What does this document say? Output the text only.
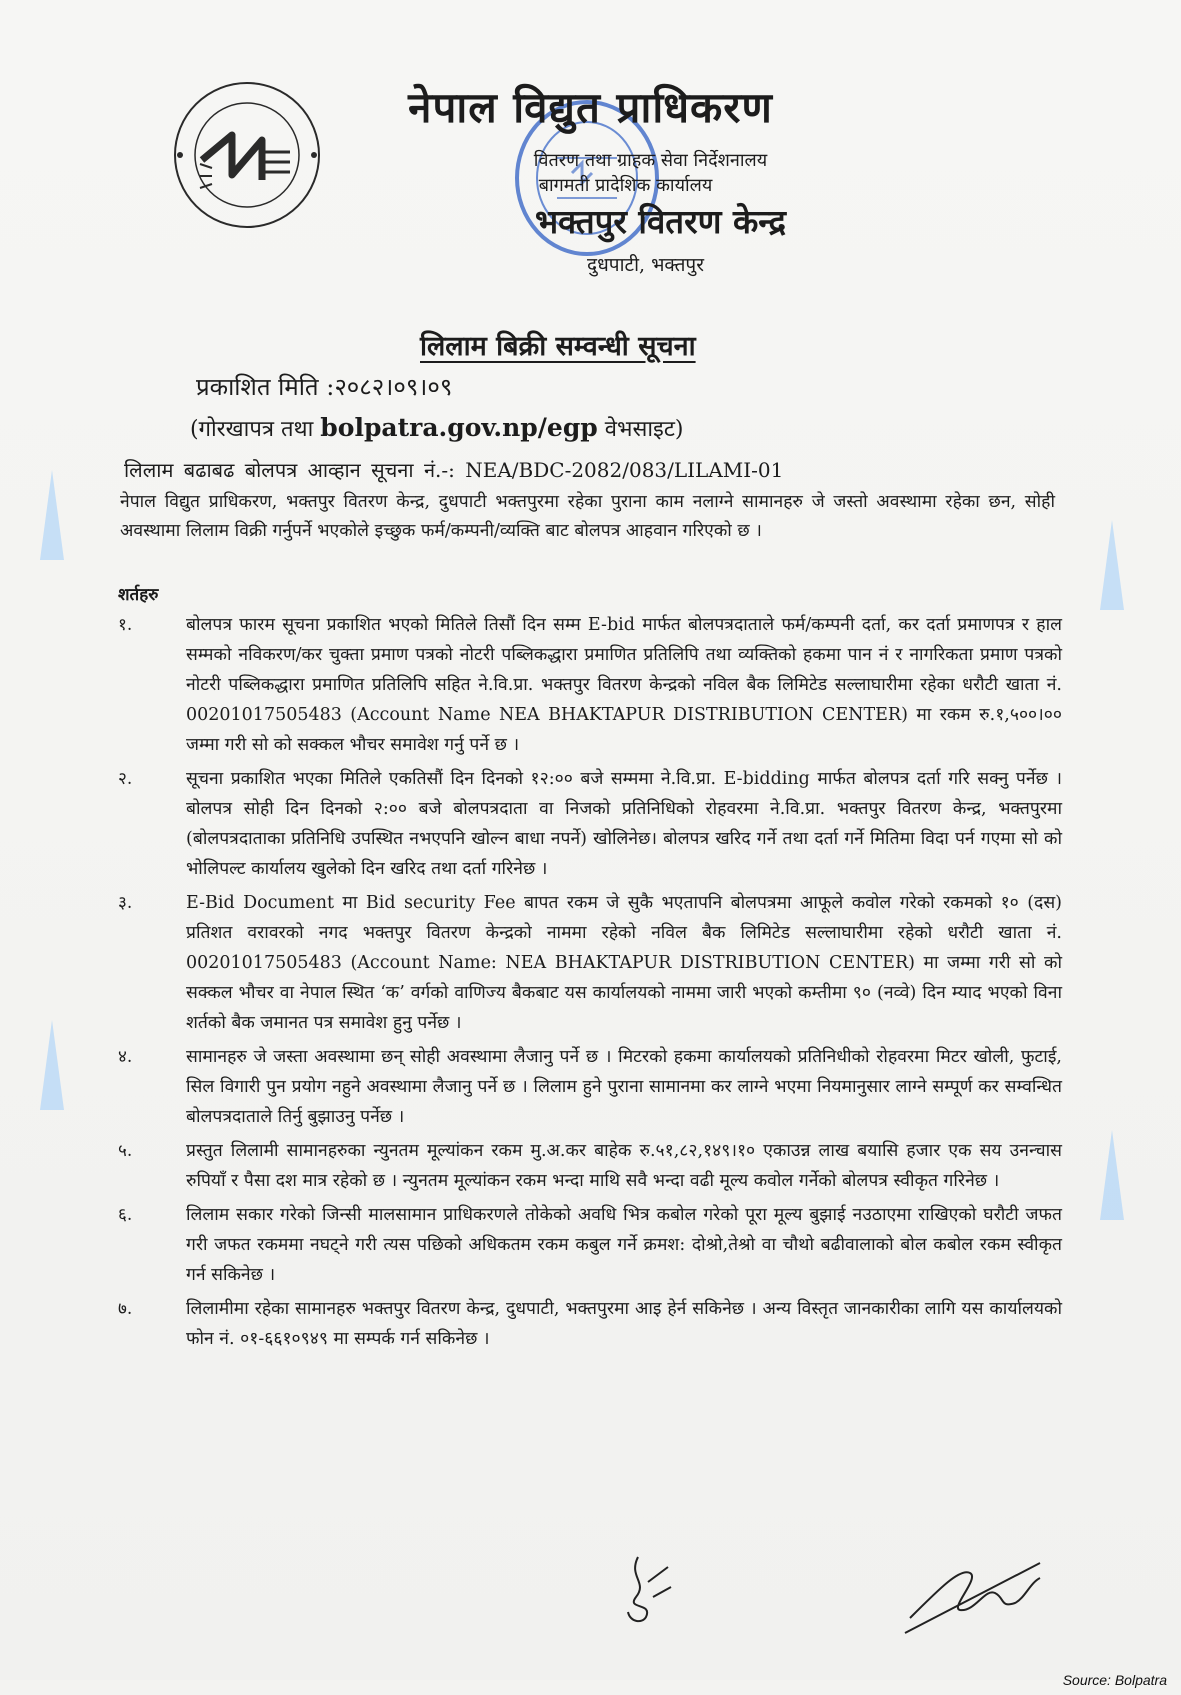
नेपाल विद्युत प्राधिकरण
वितरण तथा ग्राहक सेवा निर्देशनालय
बागमती प्रादेशिक कार्यालय
भक्तपुर वितरण केन्द्र
दुधपाटी, भक्तपुर
लिलाम बिक्री सम्वन्धी सूचना
प्रकाशित मिति :२०८२।०९।०९
(गोरखापत्र तथा bolpatra.gov.np/egp वेभसाइट)
लिलाम बढाबढ बोलपत्र आव्हान सूचना नं.-: NEA/BDC-2082/083/LILAMI-01
नेपाल विद्युत प्राधिकरण, भक्तपुर वितरण केन्द्र, दुधपाटी भक्तपुरमा रहेका पुराना काम नलाग्ने सामानहरु जे जस्तो अवस्थामा रहेका छन, सोही अवस्थामा लिलाम विक्री गर्नुपर्ने भएकोले इच्छुक फर्म/कम्पनी/व्यक्ति बाट बोलपत्र आहवान गरिएको छ ।
शर्तहरु
१.	बोलपत्र फारम सूचना प्रकाशित भएको मितिले तिसौं दिन सम्म E-bid मार्फत बोलपत्रदाताले फर्म/कम्पनी दर्ता, कर दर्ता प्रमाणपत्र र हाल सम्मको नविकरण/कर चुक्ता प्रमाण पत्रको नोटरी पब्लिकद्धारा प्रमाणित प्रतिलिपि तथा व्यक्तिको हकमा पान नं र नागरिकता प्रमाण पत्रको नोटरी पब्लिकद्धारा प्रमाणित प्रतिलिपि सहित ने.वि.प्रा. भक्तपुर वितरण केन्द्रको नविल बैक लिमिटेड सल्लाघारीमा रहेका धरौटी खाता नं. 00201017505483 (Account Name NEA BHAKTAPUR DISTRIBUTION CENTER) मा रकम रु.१,५००।०० जम्मा गरी सो को सक्कल भौचर समावेश गर्नु पर्ने छ ।
२.	सूचना प्रकाशित भएका मितिले एकतिसौं दिन दिनको १२:०० बजे सम्ममा ने.वि.प्रा. E-bidding मार्फत बोलपत्र दर्ता गरि सक्नु पर्नेछ । बोलपत्र सोही दिन दिनको २:०० बजे बोलपत्रदाता वा निजको प्रतिनिधिको रोहवरमा ने.वि.प्रा. भक्तपुर वितरण केन्द्र, भक्तपुरमा (बोलपत्रदाताका प्रतिनिधि उपस्थित नभएपनि खोल्न बाधा नपर्ने) खोलिनेछ। बोलपत्र खरिद गर्ने तथा दर्ता गर्ने मितिमा विदा पर्न गएमा सो को भोलिपल्ट कार्यालय खुलेको दिन खरिद तथा दर्ता गरिनेछ ।
३.	E-Bid Document मा Bid security Fee बापत रकम जे सुकै भएतापनि बोलपत्रमा आफूले कवोल गरेको रकमको १० (दस) प्रतिशत वरावरको नगद भक्तपुर वितरण केन्द्रको नाममा रहेको नविल बैक लिमिटेड सल्लाघारीमा रहेको धरौटी खाता नं. 00201017505483 (Account Name: NEA BHAKTAPUR DISTRIBUTION CENTER) मा जम्मा गरी सो को सक्कल भौचर वा नेपाल स्थित ‘क’ वर्गको वाणिज्य बैकबाट यस कार्यालयको नाममा जारी भएको कम्तीमा ९० (नव्वे) दिन म्याद भएको विना शर्तको बैक जमानत पत्र समावेश हुनु पर्नेछ ।
४.	सामानहरु जे जस्ता अवस्थामा छन् सोही अवस्थामा लैजानु पर्ने छ । मिटरको हकमा कार्यालयको प्रतिनिधीको रोहवरमा मिटर खोली, फुटाई, सिल विगारी पुन प्रयोग नहुने अवस्थामा लैजानु पर्ने छ । लिलाम हुने पुराना सामानमा कर लाग्ने भएमा नियमानुसार लाग्ने सम्पूर्ण कर सम्वन्धित बोलपत्रदाताले तिर्नु बुझाउनु पर्नेछ ।
५.	प्रस्तुत लिलामी सामानहरुका न्युनतम मूल्यांकन रकम मु.अ.कर बाहेक रु.५१,८२,१४९।१० एकाउन्न लाख बयासि हजार एक सय उनन्चास रुपियाँ र पैसा दश मात्र रहेको छ । न्युनतम मूल्यांकन रकम भन्दा माथि सवै भन्दा वढी मूल्य कवोल गर्नेको बोलपत्र स्वीकृत गरिनेछ ।
६.	लिलाम सकार गरेको जिन्सी मालसामान प्राधिकरणले तोकेको अवधि भित्र कबोल गरेको पूरा मूल्य बुझाई नउठाएमा राखिएको घरौटी जफत गरी जफत रकममा नघट्ने गरी त्यस पछिको अधिकतम रकम कबुल गर्ने क्रमश: दोश्रो,तेश्रो वा चौथो बढीवालाको बोल कबोल रकम स्वीकृत गर्न सकिनेछ ।
७.	लिलामीमा रहेका सामानहरु भक्तपुर वितरण केन्द्र, दुधपाटी, भक्तपुरमा आइ हेर्न सकिनेछ । अन्य विस्तृत जानकारीका लागि यस कार्यालयको फोन नं. ०१-६६१०९४९ मा सम्पर्क गर्न सकिनेछ ।
Source: Bolpatra
